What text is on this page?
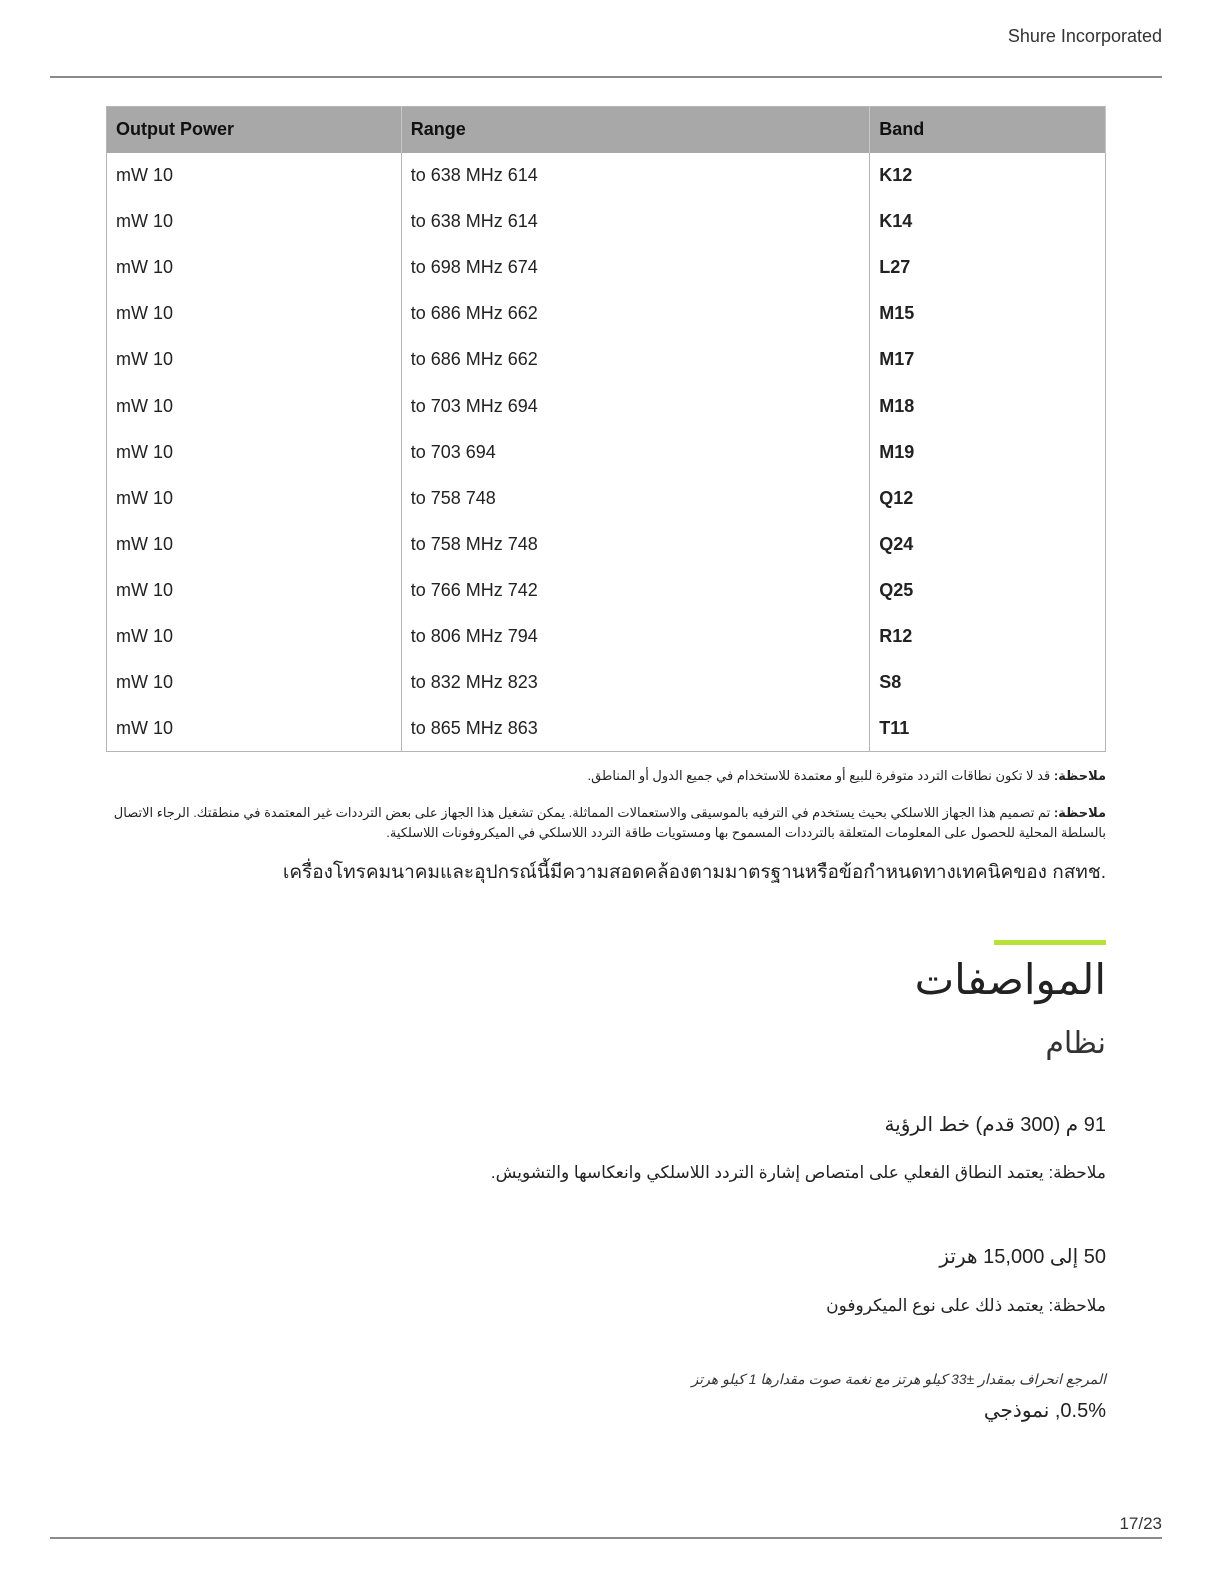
Shure Incorporated
Output Power	Range	Band
mW 10	to 638 MHz 614	K12
mW 10	to 638 MHz 614	K14
mW 10	to 698 MHz 674	L27
mW 10	to 686 MHz 662	M15
mW 10	to 686 MHz 662	M17
mW 10	to 703 MHz 694	M18
mW 10	to 703 694	M19
mW 10	to 758 748	Q12
mW 10	to 758 MHz 748	Q24
mW 10	to 766 MHz 742	Q25
mW 10	to 806 MHz 794	R12
mW 10	to 832 MHz 823	S8
mW 10	to 865 MHz 863	T11
ملاحظة: قد لا تكون نطاقات التردد متوفرة للبيع أو معتمدة للاستخدام في جميع الدول أو المناطق.
ملاحظة: تم تصميم هذا الجهاز اللاسلكي بحيث يستخدم في الترفيه بالموسيقى والاستعمالات المماثلة. يمكن تشغيل هذا الجهاز على بعض الترددات غير المعتمدة في منطقتك. الرجاء الاتصال بالسلطة المحلية للحصول على المعلومات المتعلقة بالترددات المسموح بها ومستويات طاقة التردد اللاسلكي في الميكروفونات اللاسلكية.
เครื่องโทรคมนาคมและอุปกรณ์นี้มีความสอดคล้องตามมาตรฐานหรือข้อกำหนดทางเทคนิคของ กสทช.
المواصفات
نظام
91 م (300 قدم) خط الرؤية
ملاحظة: يعتمد النطاق الفعلي على امتصاص إشارة التردد اللاسلكي وانعكاسها والتشويش.
50 إلى 15,000 هرتز
ملاحظة: يعتمد ذلك على نوع الميكروفون
المرجع انحراف بمقدار ±33 كيلو هرتز مع نغمة صوت مقدارها 1 كيلو هرتز
0.5%, نموذجي
17/23
